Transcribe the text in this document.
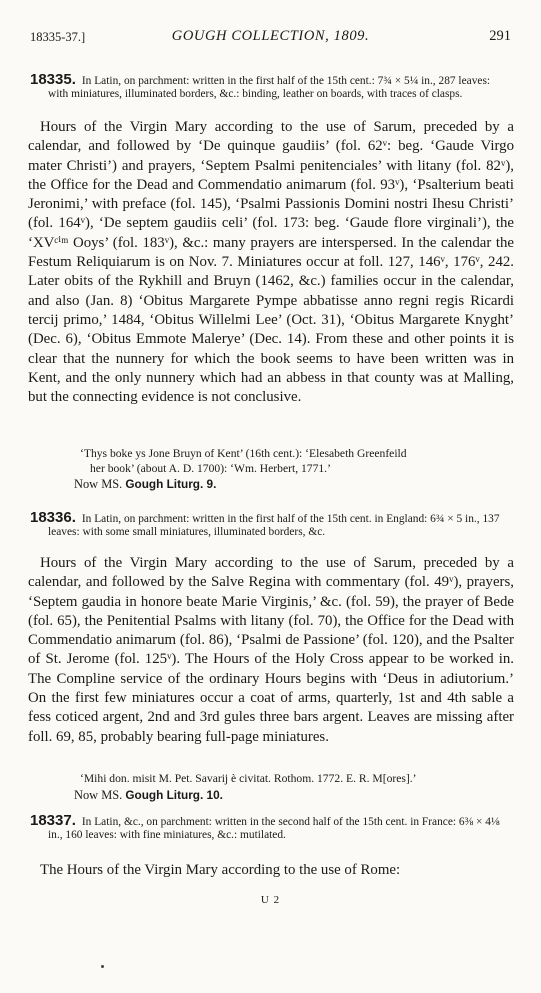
18335-37.]	GOUGH COLLECTION, 1809.	291
18335. In Latin, on parchment: written in the first half of the 15th cent.: 7¾ × 5¼ in., 287 leaves: with miniatures, illuminated borders, &c.: binding, leather on boards, with traces of clasps.
Hours of the Virgin Mary according to the use of Sarum, preceded by a calendar, and followed by ‘De quinque gaudiis’ (fol. 62ᵛ: beg. ‘Gaude Virgo mater Christi’) and prayers, ‘Septem Psalmi penitenciales’ with litany (fol. 82ᵛ), the Office for the Dead and Commendatio animarum (fol. 93ᵛ), ‘Psalterium beati Jeronimi,’ with preface (fol. 145), ‘Psalmi Passionis Domini nostri Ihesu Christi’ (fol. 164ᵛ), ‘De septem gaudiis celi’ (fol. 173: beg. ‘Gaude flore virginali’), the ‘XVᶜⁱᵐ Ooys’ (fol. 183ᵛ), &c.: many prayers are interspersed. In the calendar the Festum Reliquiarum is on Nov. 7. Miniatures occur at foll. 127, 146ᵛ, 176ᵛ, 242. Later obits of the Rykhill and Bruyn (1462, &c.) families occur in the calendar, and also (Jan. 8) ‘Obitus Margarete Pympe abbatisse anno regni regis Ricardi tercij primo,’ 1484, ‘Obitus Willelmi Lee’ (Oct. 31), ‘Obitus Margarete Knyght’ (Dec. 6), ‘Obitus Emmote Malerye’ (Dec. 14). From these and other points it is clear that the nunnery for which the book seems to have been written was in Kent, and the only nunnery which had an abbess in that county was at Malling, but the connecting evidence is not conclusive.
‘Thys boke ys Jone Bruyn of Kent’ (16th cent.): ‘Elesabeth Greenfeild
her book’ (about A. D. 1700): ‘Wm. Herbert, 1771.’
Now MS. Gough Liturg. 9.
18336. In Latin, on parchment: written in the first half of the 15th cent. in England: 6¾ × 5 in., 137 leaves: with some small miniatures, illuminated borders, &c.
Hours of the Virgin Mary according to the use of Sarum, preceded by a calendar, and followed by the Salve Regina with commentary (fol. 49ᵛ), prayers, ‘Septem gaudia in honore beate Marie Virginis,’ &c. (fol. 59), the prayer of Bede (fol. 65), the Penitential Psalms with litany (fol. 70), the Office for the Dead with Commendatio animarum (fol. 86), ‘Psalmi de Passione’ (fol. 120), and the Psalter of St. Jerome (fol. 125ᵛ). The Hours of the Holy Cross appear to be worked in. The Compline service of the ordinary Hours begins with ‘Deus in adiutorium.’ On the first few miniatures occur a coat of arms, quarterly, 1st and 4th sable a fess coticed argent, 2nd and 3rd gules three bars argent. Leaves are missing after foll. 69, 85, probably bearing full-page miniatures.
‘Mihi don. misit M. Pet. Savarij è civitat. Rothom. 1772. E. R. M[ores].’
Now MS. Gough Liturg. 10.
18337. In Latin, &c., on parchment: written in the second half of the 15th cent. in France: 6⅜ × 4⅛ in., 160 leaves: with fine miniatures, &c.: mutilated.
The Hours of the Virgin Mary according to the use of Rome:
U 2
